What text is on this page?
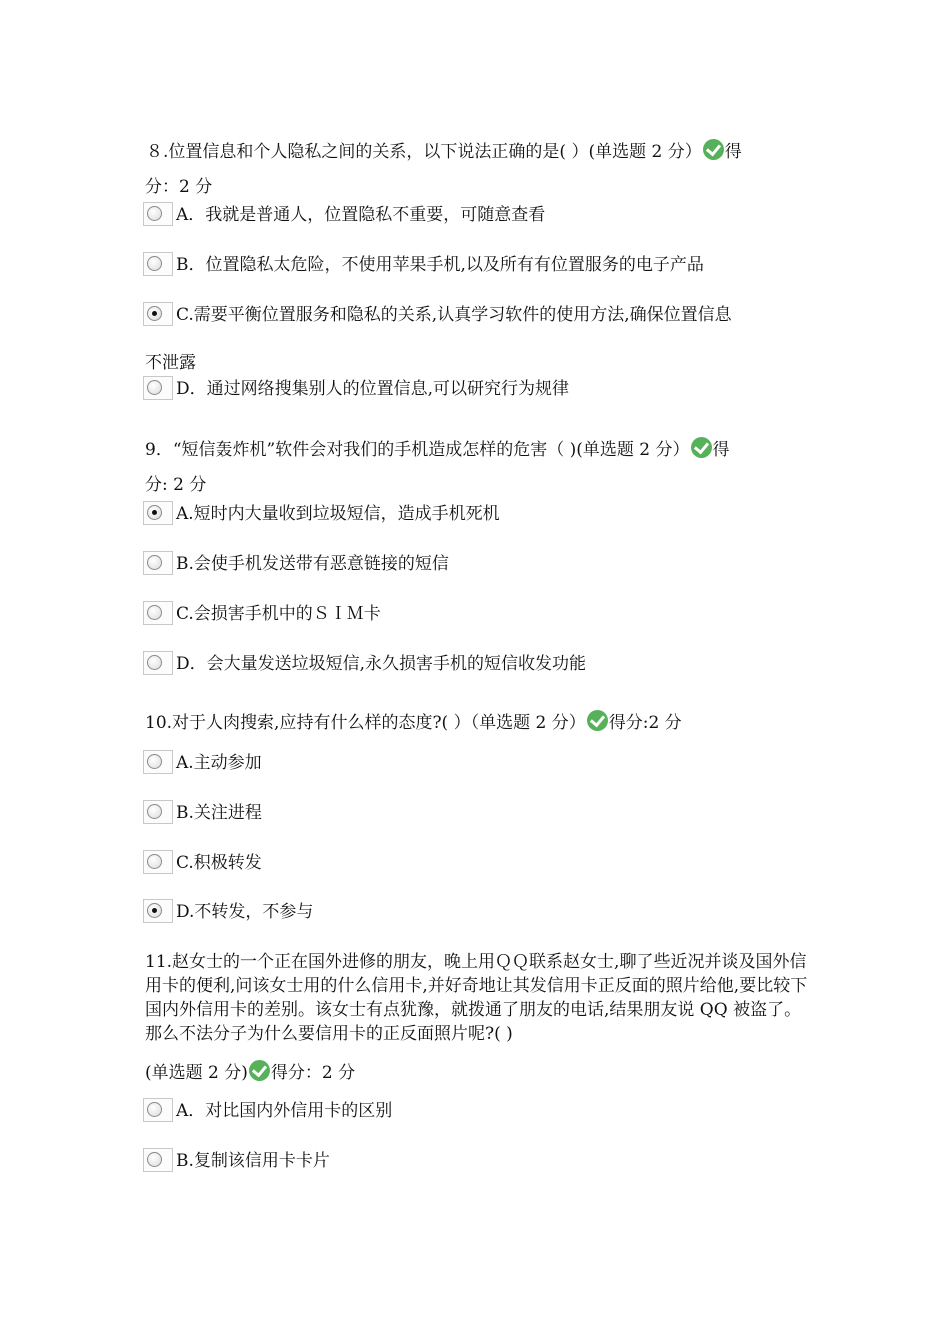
８.位置信息和个人隐私之间的关系，以下说法正确的是( ）(单选题 2 分） 得
分：2 分
A．我就是普通人，位置隐私不重要，可随意查看
B．位置隐私太危险，不使用苹果手机,以及所有有位置服务的电子产品
C.需要平衡位置服务和隐私的关系,认真学习软件的使用方法,确保位置信息
不泄露
D．通过网络搜集别人的位置信息,可以研究行为规律
9．“短信轰炸机”软件会对我们的手机造成怎样的危害（ )(单选题 2 分） 得
分: 2 分
A.短时内大量收到垃圾短信，造成手机死机
B.会使手机发送带有恶意链接的短信
C.会损害手机中的ＳＩＭ卡
D．会大量发送垃圾短信,永久损害手机的短信收发功能
10.对于人肉搜索,应持有什么样的态度?( ）（单选题 2 分） 得分:2 分
A.主动参加
B.关注进程
C.积极转发
D.不转发，不参与
11.赵女士的一个正在国外进修的朋友，晚上用ＱＱ联系赵女士,聊了些近况并谈及国外信用卡的便利,问该女士用的什么信用卡,并好奇地让其发信用卡正反面的照片给他,要比较下国内外信用卡的差别。该女士有点犹豫，就拨通了朋友的电话,结果朋友说 QQ 被盗了。那么不法分子为什么要信用卡的正反面照片呢?( )
(单选题 2 分) 得分：2 分
A．对比国内外信用卡的区别
B.复制该信用卡卡片
